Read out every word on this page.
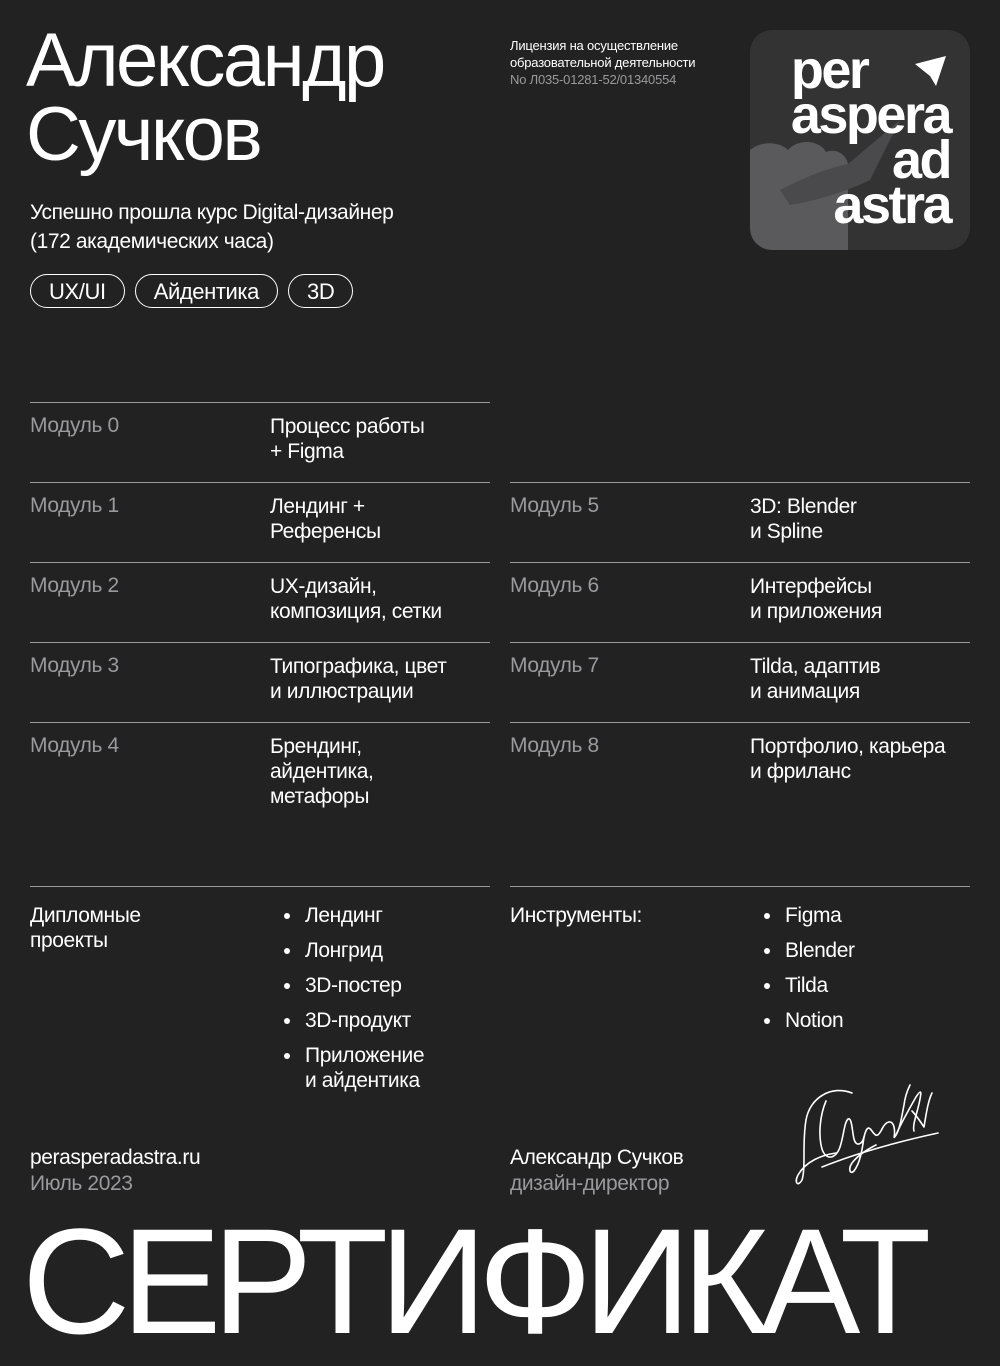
Александр
Сучков
Успешно прошла курс Digital-дизайнер (172 академических часа)
UX/UI	Айдентика	3D
Лицензия на осуществление
образовательной деятельности
No Л035-01281-52/01340554	per
aspera
ad
astra
Модуль 0	Процесс работы
+ Figma
Модуль 1	Лендинг +
Референсы
Модуль 2	UX-дизайн,
композиция, сетки
Модуль 3	Типографика, цвет
и иллюстрации
Модуль 4	Брендинг,
айдентика,
метафоры
Модуль 5	3D: Blender
и Spline
Модуль 6	Интерфейсы
и приложения
Модуль 7	Tilda, адаптив
и анимация
Модуль 8	Портфолио, карьера
и фриланс
Дипломные
проекты
• Лендинг
• Лонгрид
• 3D-постер
• 3D-продукт
• Приложение
и айдентика
Инструменты:
•	Figma
• Blender
• Tilda
• Notion
perasperadastra.ru
Июль 2023
Александр Сучков
дизайн-директор
СЕРТИФИКАТ
